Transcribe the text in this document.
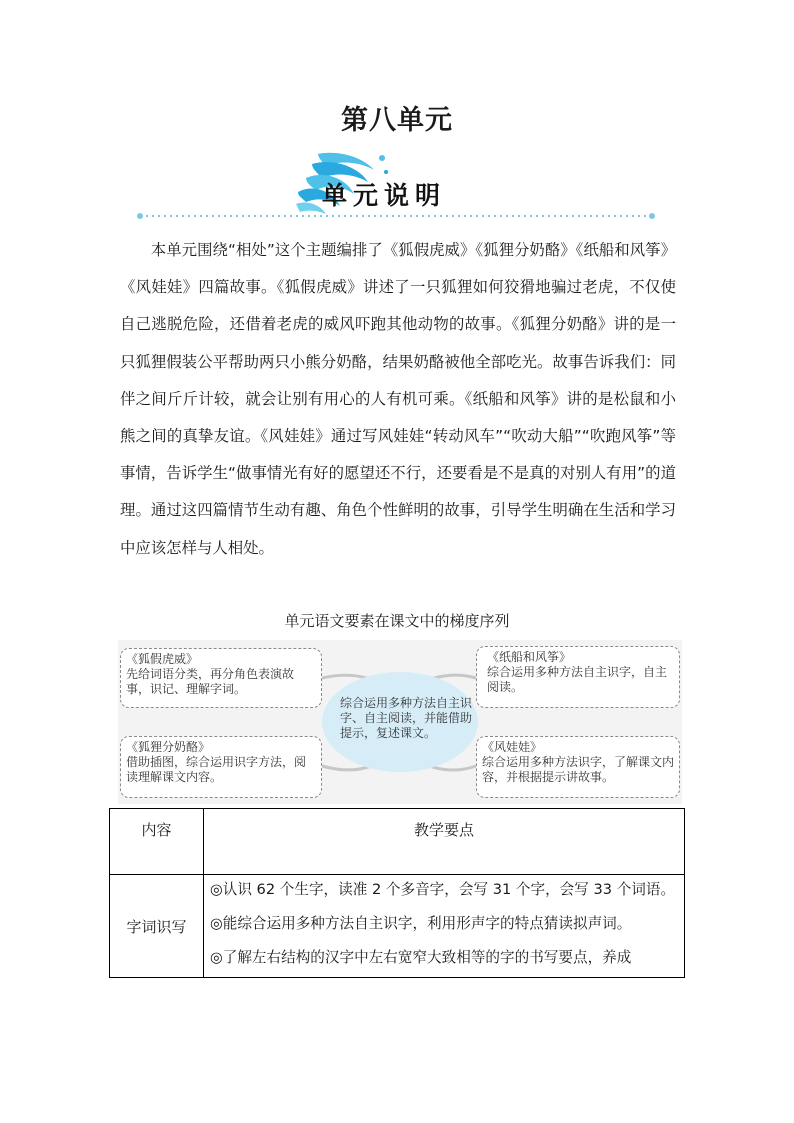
第八单元
单元说明

本单元围绕“相处”这个主题编排了《狐假虎威》《狐狸分奶酪》《纸船和风筝》《风娃娃》四篇故事。《狐假虎威》讲述了一只狐狸如何狡猾地骗过老虎，不仅使自己逃脱危险，还借着老虎的威风吓跑其他动物的故事。《狐狸分奶酪》讲的是一只狐狸假装公平帮助两只小熊分奶酪，结果奶酪被他全部吃光。故事告诉我们：同伴之间斤斤计较，就会让别有用心的人有机可乘。《纸船和风筝》讲的是松鼠和小熊之间的真挚友谊。《风娃娃》通过写风娃娃“转动风车”“吹动大船”“吹跑风筝”等事情，告诉学生“做事情光有好的愿望还不行，还要看是不是真的对别人有用”的道理。通过这四篇情节生动有趣、角色个性鲜明的故事，引导学生明确在生活和学习中应该怎样与人相处。

单元语文要素在课文中的梯度序列
《狐假虎威》
先给词语分类，再分角色表演故事，识记、理解字词。
《纸船和风筝》
综合运用多种方法自主识字，自主阅读。
综合运用多种方法自主识字、自主阅读，并能借助提示，复述课文。
《狐狸分奶酪》
借助插图，综合运用识字方法，阅读理解课文内容。
《风娃娃》
综合运用多种方法识字，了解课文内容，并根据提示讲故事。
内容	教学要点
字词识写	◎认识 62 个生字，读准 2 个多音字，会写 31 个字，会写 33 个词语。
◎能综合运用多种方法自主识字，利用形声字的特点猜读拟声词。
◎了解左右结构的汉字中左右宽窄大致相等的字的书写要点，养成
